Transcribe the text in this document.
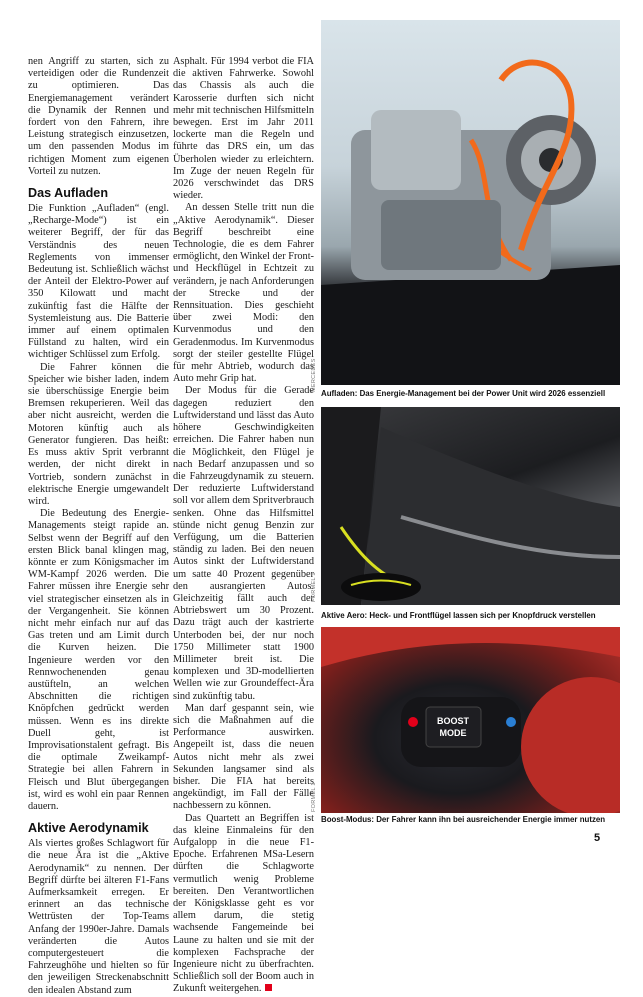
nen Angriff zu starten, sich zu verteidigen oder die Rundenzeit zu optimieren. Das Energiemanagement verändert die Dynamik der Rennen und fordert von den Fahrern, ihre Leistung strategisch einzusetzen, um den passenden Modus im richtigen Moment zum eigenen Vorteil zu nutzen.

Das Aufladen

Die Funktion „Aufladen“ (engl. „Recharge-Mode“) ist ein weiterer Begriff, der für das Verständnis des neuen Reglements von immenser Bedeutung ist. Schließlich wächst der Anteil der Elektro-Power auf 350 Kilowatt und macht zukünftig fast die Hälfte der Systemleistung aus. Die Batterie immer auf einem optimalen Füllstand zu halten, wird ein wichtiger Schlüssel zum Erfolg.

Die Fahrer können die Speicher wie bisher laden, indem sie überschüssige Energie beim Bremsen rekuperieren. Weil das aber nicht ausreicht, werden die Motoren künftig auch als Generator fungieren. Das heißt: Es muss aktiv Sprit verbrannt werden, der nicht direkt in Vortrieb, sondern zunächst in elektrische Energie umgewandelt wird.

Die Bedeutung des Energie-Managements steigt rapide an. Selbst wenn der Begriff auf den ersten Blick banal klingen mag, könnte er zum Königsmacher im WM-Kampf 2026 werden. Die Fahrer müssen ihre Energie sehr viel strategischer einsetzen als in der Vergangenheit. Sie können nicht mehr einfach nur auf das Gas treten und am Limit durch die Kurven heizen. Die Ingenieure werden vor den Rennwochenenden genau austüfteln, an welchen Abschnitten die richtigen Knöpfchen gedrückt werden müssen. Wenn es ins direkte Duell geht, ist Improvisationstalent gefragt. Bis die optimale Zweikampf-Strategie bei allen Fahrern in Fleisch und Blut übergegangen ist, wird es wohl ein paar Rennen dauern.

Aktive Aerodynamik

Als viertes großes Schlagwort für die neue Ära ist die „Aktive Aerodynamik“ zu nennen. Der Begriff dürfte bei älteren F1-Fans Aufmerksamkeit erregen. Er erinnert an das technische Wettrüsten der Top-Teams Anfang der 1990er-Jahre. Damals veränderten die Autos computergesteuert die Fahrzeughöhe und hielten so für den jeweiligen Streckenabschnitt den idealen Abstand zum

Asphalt. Für 1994 verbot die FIA die aktiven Fahrwerke. Sowohl das Chassis als auch die Karosserie durften sich nicht mehr mit technischen Hilfsmitteln bewegen. Erst im Jahr 2011 lockerte man die Regeln und führte das DRS ein, um das Überholen wieder zu erleichtern. Im Zuge der neuen Regeln für 2026 verschwindet das DRS wieder.

An dessen Stelle tritt nun die „Aktive Aerodynamik“. Dieser Begriff beschreibt eine Technologie, die es dem Fahrer ermöglicht, den Winkel der Front- und Heckflügel in Echtzeit zu verändern, je nach Anforderungen der Strecke und der Rennsituation. Dies geschieht über zwei Modi: den Kurvenmodus und den Geradenmodus. Im Kurvenmodus sorgt der steiler gestellte Flügel für mehr Abtrieb, wodurch das Auto mehr Grip hat.

Der Modus für die Gerade dagegen reduziert den Luftwiderstand und lässt das Auto höhere Geschwindigkeiten erreichen. Die Fahrer haben nun die Möglichkeit, den Flügel je nach Bedarf anzupassen und so die Fahrzeugdynamik zu steuern. Der reduzierte Luftwiderstand soll vor allem dem Spritverbrauch senken. Ohne das Hilfsmittel stünde nicht genug Benzin zur Verfügung, um die Batterien ständig zu laden. Bei den neuen Autos sinkt der Luftwiderstand um satte 40 Prozent gegenüber den ausrangierten Autos. Gleichzeitig fällt auch der Abtriebswert um 30 Prozent. Dazu trägt auch der kastrierte Unterboden bei, der nur noch 1750 Millimeter statt 1900 Millimeter breit ist. Die komplexen und 3D-modellierten Wellen wie zur Groundeffect-Ära sind zukünftig tabu.

Man darf gespannt sein, wie sich die Maßnahmen auf die Performance auswirken. Angepeilt ist, dass die neuen Autos nicht mehr als zwei Sekunden langsamer sind als bisher. Die FIA hat bereits angekündigt, im Fall der Fälle nachbessern zu können.

Das Quartett an Begriffen ist das kleine Einmaleins für den Aufgalopp in die neue F1-Epoche. Erfahrenen MSa-Lesern dürften die Schlagworte vermutlich wenig Probleme bereiten. Den Verantwortlichen der Königsklasse geht es vor allem darum, die stetig wachsende Fangemeinde bei Laune zu halten und sie mit der komplexen Fachsprache der Ingenieure nicht zu überfrachten. Schließlich soll der Boom auch in Zukunft weitergehen.

MERCEDES
Aufladen: Das Energie-Management bei der Power Unit wird 2026 essenziell
FORMEL 1
Aktive Aero: Heck- und Frontflügel lassen sich per Knopfdruck verstellen
BOOST
MODE
FORMEL 1
Boost-Modus: Der Fahrer kann ihn bei ausreichender Energie immer nutzen
5
